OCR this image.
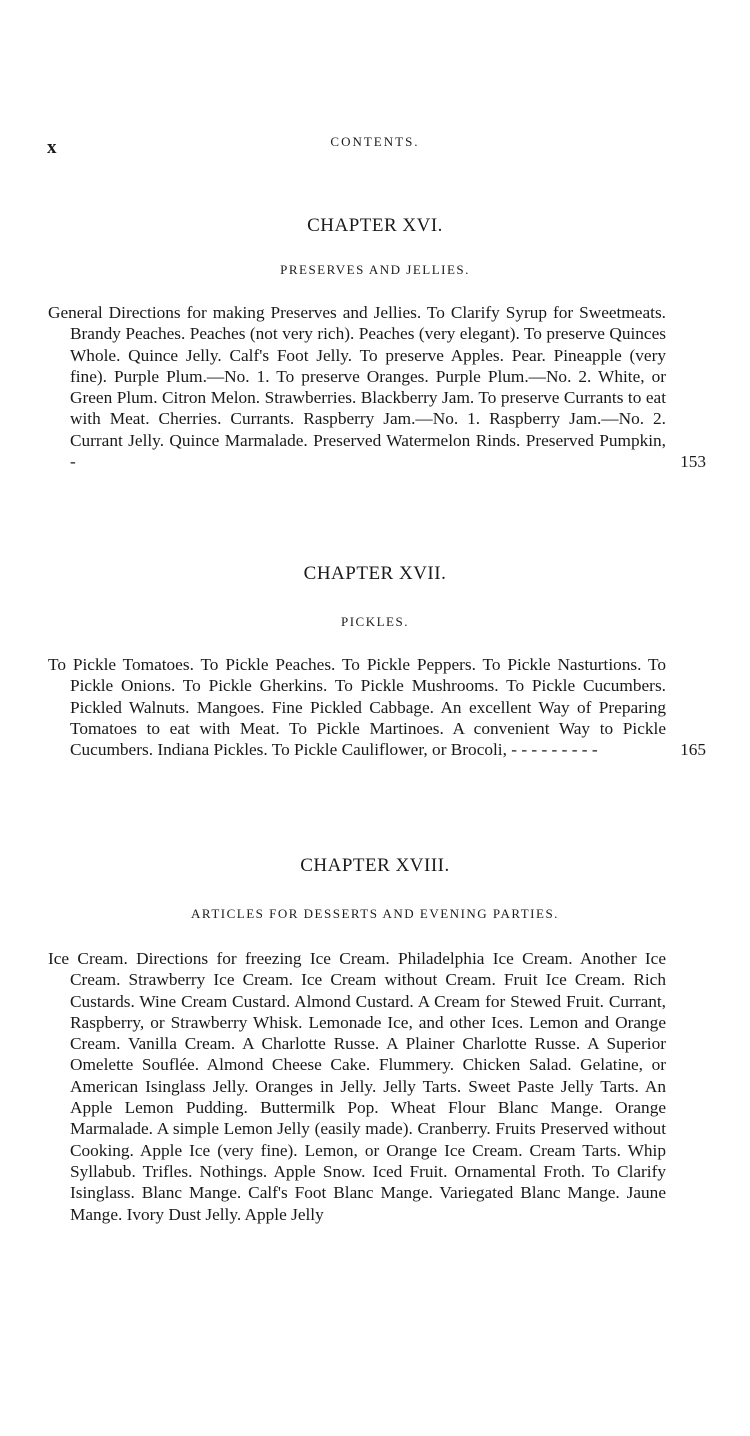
x	CONTENTS.
CHAPTER XVI.
PRESERVES AND JELLIES.
General Directions for making Preserves and Jellies. To Clarify Syrup for Sweetmeats. Brandy Peaches. Peaches (not very rich). Peaches (very elegant). To preserve Quinces Whole. Quince Jelly. Calf's Foot Jelly. To preserve Apples. Pear. Pineapple (very fine). Purple Plum.—No. 1. To preserve Oranges. Purple Plum.—No. 2. White, or Green Plum. Citron Melon. Strawberries. Blackberry Jam. To preserve Currants to eat with Meat. Cherries. Currants. Raspberry Jam.—No. 1. Raspberry Jam.—No. 2. Currant Jelly. Quince Marmalade. Preserved Watermelon Rinds. Preserved Pumpkin, -	153
CHAPTER XVII.
PICKLES.
To Pickle Tomatoes. To Pickle Peaches. To Pickle Peppers. To Pickle Nasturtions. To Pickle Onions. To Pickle Gherkins. To Pickle Mushrooms. To Pickle Cucumbers. Pickled Walnuts. Mangoes. Fine Pickled Cabbage. An excellent Way of Preparing Tomatoes to eat with Meat. To Pickle Martinoes. A convenient Way to Pickle Cucumbers. Indiana Pickles. To Pickle Cauliflower, or Brocoli, - - - - - - - - -	165
CHAPTER XVIII.
ARTICLES FOR DESSERTS AND EVENING PARTIES.
Ice Cream. Directions for freezing Ice Cream. Philadelphia Ice Cream. Another Ice Cream. Strawberry Ice Cream. Ice Cream without Cream. Fruit Ice Cream. Rich Custards. Wine Cream Custard. Almond Custard. A Cream for Stewed Fruit. Currant, Raspberry, or Strawberry Whisk. Lemonade Ice, and other Ices. Lemon and Orange Cream. Vanilla Cream. A Charlotte Russe. A Plainer Charlotte Russe. A Superior Omelette Souflée. Almond Cheese Cake. Flummery. Chicken Salad. Gelatine, or American Isinglass Jelly. Oranges in Jelly. Jelly Tarts. Sweet Paste Jelly Tarts. An Apple Lemon Pudding. Buttermilk Pop. Wheat Flour Blanc Mange. Orange Marmalade. A simple Lemon Jelly (easily made). Cranberry. Fruits Preserved without Cooking. Apple Ice (very fine). Lemon, or Orange Ice Cream. Cream Tarts. Whip Syllabub. Trifles. Nothings. Apple Snow. Iced Fruit. Ornamental Froth. To Clarify Isinglass. Blanc Mange. Calf's Foot Blanc Mange. Variegated Blanc Mange. Jaune Mange. Ivory Dust Jelly. Apple Jelly
